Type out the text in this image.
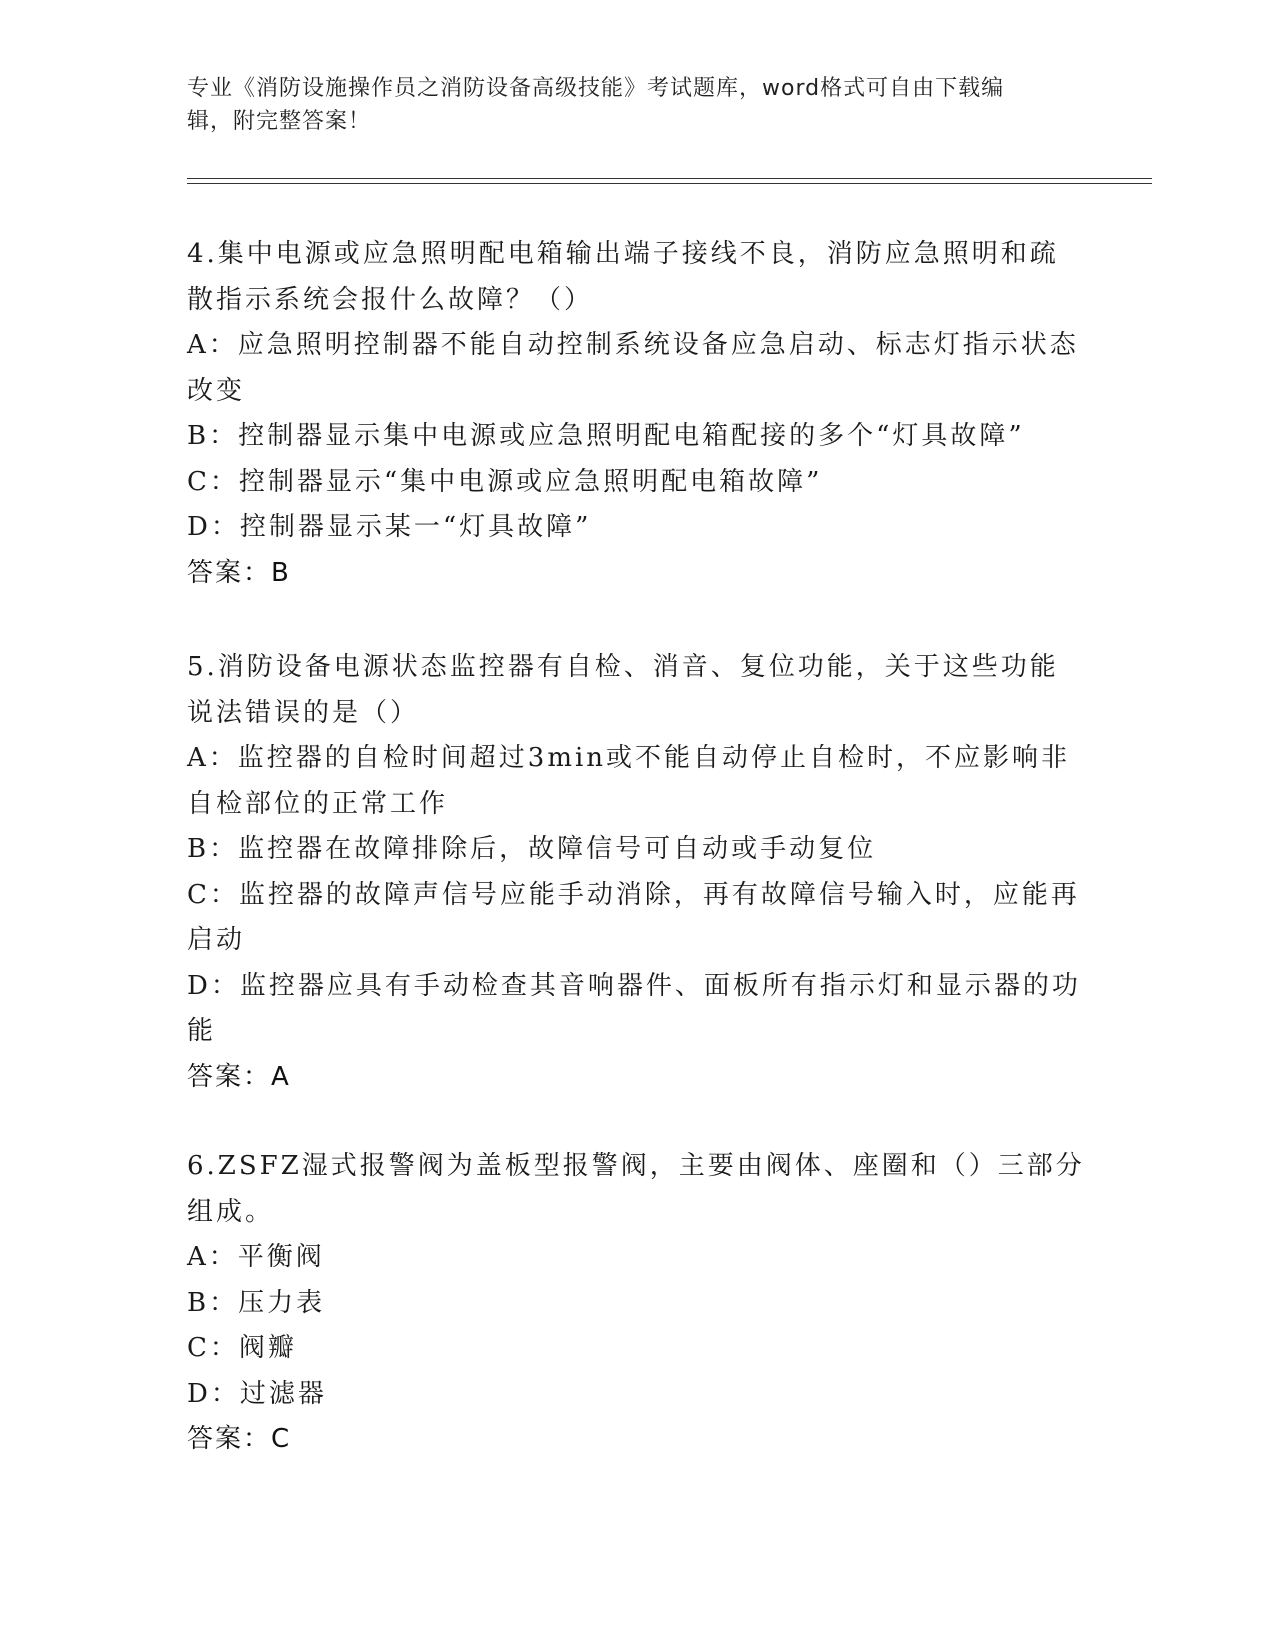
专业《消防设施操作员之消防设备高级技能》考试题库，word格式可自由下载编
辑，附完整答案！
4.集中电源或应急照明配电箱输出端子接线不良，消防应急照明和疏
散指示系统会报什么故障？（）
A：应急照明控制器不能自动控制系统设备应急启动、标志灯指示状态
改变
B：控制器显示集中电源或应急照明配电箱配接的多个“灯具故障”
C：控制器显示“集中电源或应急照明配电箱故障”
D：控制器显示某一“灯具故障”
答案：B
5.消防设备电源状态监控器有自检、消音、复位功能，关于这些功能
说法错误的是（）
A：监控器的自检时间超过3min或不能自动停止自检时，不应影响非
自检部位的正常工作
B：监控器在故障排除后，故障信号可自动或手动复位
C：监控器的故障声信号应能手动消除，再有故障信号输入时，应能再
启动
D：监控器应具有手动检查其音响器件、面板所有指示灯和显示器的功
能
答案：A
6.ZSFZ湿式报警阀为盖板型报警阀，主要由阀体、座圈和（）三部分
组成。
A：平衡阀
B：压力表
C：阀瓣
D：过滤器
答案：C
